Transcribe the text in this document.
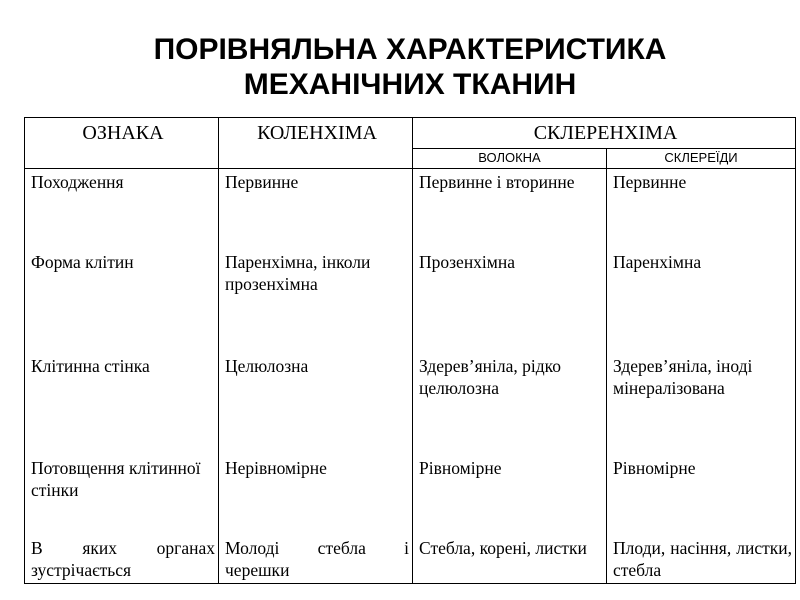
ПОРІВНЯЛЬНА ХАРАКТЕРИСТИКА
МЕХАНІЧНИХ ТКАНИН
ОЗНАКА	КОЛЕНХІМА	СКЛЕРЕНХІМА	
		ВОЛОКНА	СКЛЕРЕЇДИ
Походження	Первинне	Первинне і вторинне	Первинне
Форма клітин	Паренхімна, інколи прозенхімна	Прозенхімна	Паренхімна
Клітинна стінка	Целюлозна	Здерев’яніла, рідко целюлозна	Здерев’яніла, іноді мінералізована
Потовщення клітинної стінки	Нерівномірне	Рівномірне	Рівномірне
В яких органах зустрічається	Молоді стебла і черешки	Стебла, корені, листки	Плоди, насіння, листки, стебла
